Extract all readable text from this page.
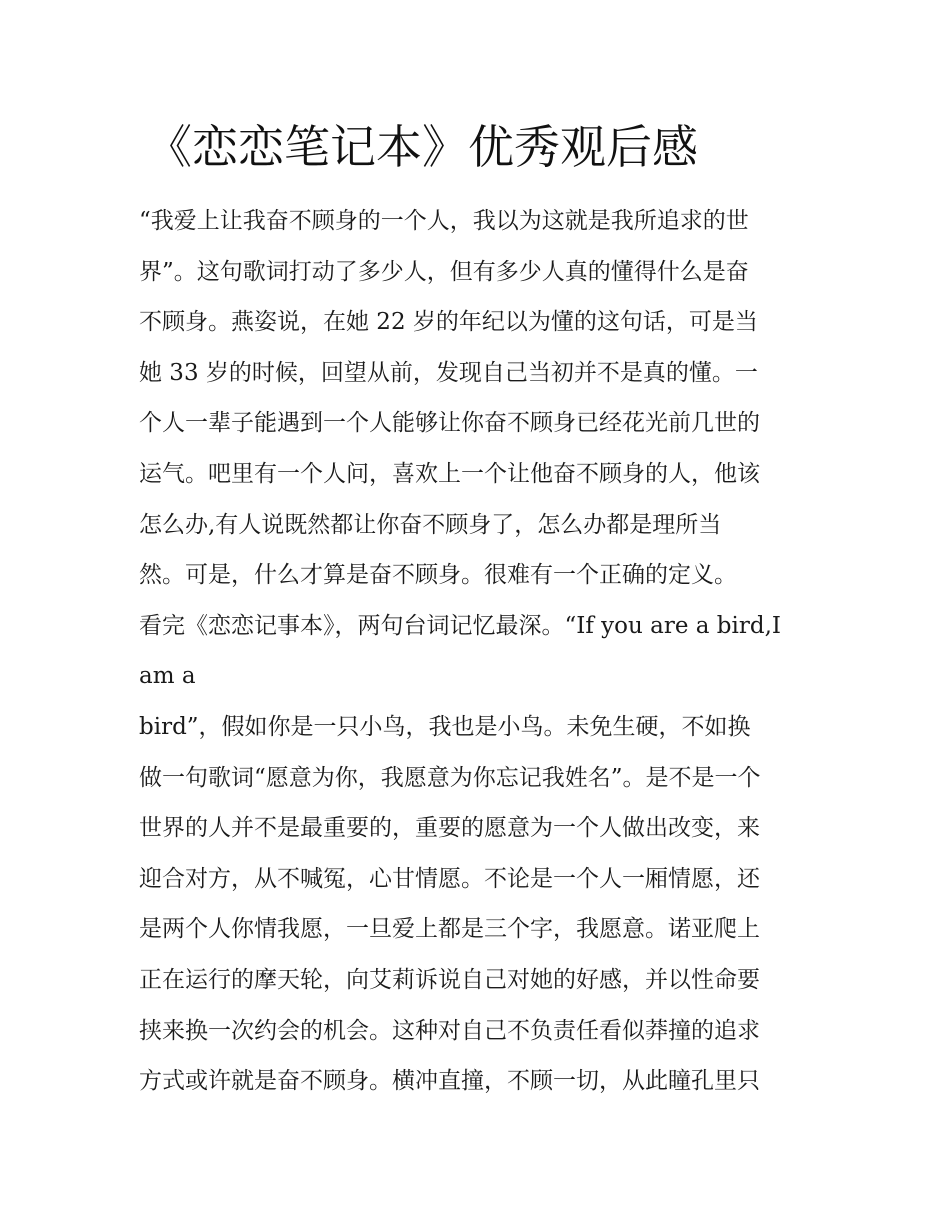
《恋恋笔记本》优秀观后感
“我爱上让我奋不顾身的一个人，我以为这就是我所追求的世
界”。这句歌词打动了多少人，但有多少人真的懂得什么是奋
不顾身。燕姿说，在她 22 岁的年纪以为懂的这句话，可是当
她 33 岁的时候，回望从前，发现自己当初并不是真的懂。一
个人一辈子能遇到一个人能够让你奋不顾身已经花光前几世的
运气。吧里有一个人问，喜欢上一个让他奋不顾身的人，他该
怎么办,有人说既然都让你奋不顾身了，怎么办都是理所当
然。可是，什么才算是奋不顾身。很难有一个正确的定义。
看完《恋恋记事本》，两句台词记忆最深。“If you are a bird,I
am a
bird”，假如你是一只小鸟，我也是小鸟。未免生硬，不如换
做一句歌词“愿意为你，我愿意为你忘记我姓名”。是不是一个
世界的人并不是最重要的，重要的愿意为一个人做出改变，来
迎合对方，从不喊冤，心甘情愿。不论是一个人一厢情愿，还
是两个人你情我愿，一旦爱上都是三个字，我愿意。诺亚爬上
正在运行的摩天轮，向艾莉诉说自己对她的好感，并以性命要
挟来换一次约会的机会。这种对自己不负责任看似莽撞的追求
方式或许就是奋不顾身。横冲直撞，不顾一切，从此瞳孔里只
